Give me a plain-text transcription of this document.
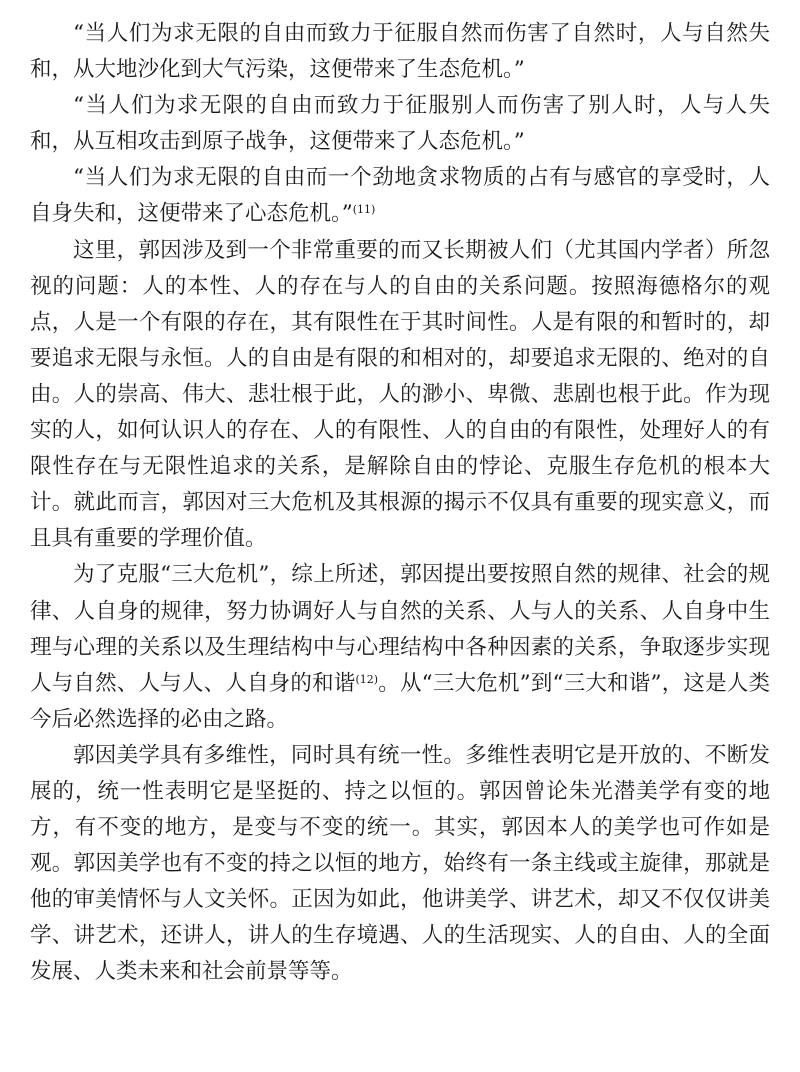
“当人们为求无限的自由而致力于征服自然而伤害了自然时，人与自然失和，从大地沙化到大气污染，这便带来了生态危机。”

“当人们为求无限的自由而致力于征服别人而伤害了别人时，人与人失和，从互相攻击到原子战争，这便带来了人态危机。”

“当人们为求无限的自由而一个劲地贪求物质的占有与感官的享受时，人自身失和，这便带来了心态危机。”$^{(11)}$

这里，郭因涉及到一个非常重要的而又长期被人们（尤其国内学者）所忽视的问题：人的本性、人的存在与人的自由的关系问题。按照海德格尔的观点，人是一个有限的存在，其有限性在于其时间性。人是有限的和暂时的，却要追求无限与永恒。人的自由是有限的和相对的，却要追求无限的、绝对的自由。人的崇高、伟大、悲壮根于此，人的渺小、卑微、悲剧也根于此。作为现实的人，如何认识人的存在、人的有限性、人的自由的有限性，处理好人的有限性存在与无限性追求的关系，是解除自由的悖论、克服生存危机的根本大计。就此而言，郭因对三大危机及其根源的揭示不仅具有重要的现实意义，而且具有重要的学理价值。

为了克服“三大危机”，综上所述，郭因提出要按照自然的规律、社会的规律、人自身的规律，努力协调好人与自然的关系、人与人的关系、人自身中生理与心理的关系以及生理结构中与心理结构中各种因素的关系，争取逐步实现人与自然、人与人、人自身的和谐$^{(12)}$。从“三大危机”到“三大和谐”，这是人类今后必然选择的必由之路。

郭因美学具有多维性，同时具有统一性。多维性表明它是开放的、不断发展的，统一性表明它是坚挺的、持之以恒的。郭因曾论朱光潜美学有变的地方，有不变的地方，是变与不变的统一。其实，郭因本人的美学也可作如是观。郭因美学也有不变的持之以恒的地方，始终有一条主线或主旋律，那就是他的审美情怀与人文关怀。正因为如此，他讲美学、讲艺术，却又不仅仅讲美学、讲艺术，还讲人，讲人的生存境遇、人的生活现实、人的自由、人的全面发展、人类未来和社会前景等等。
